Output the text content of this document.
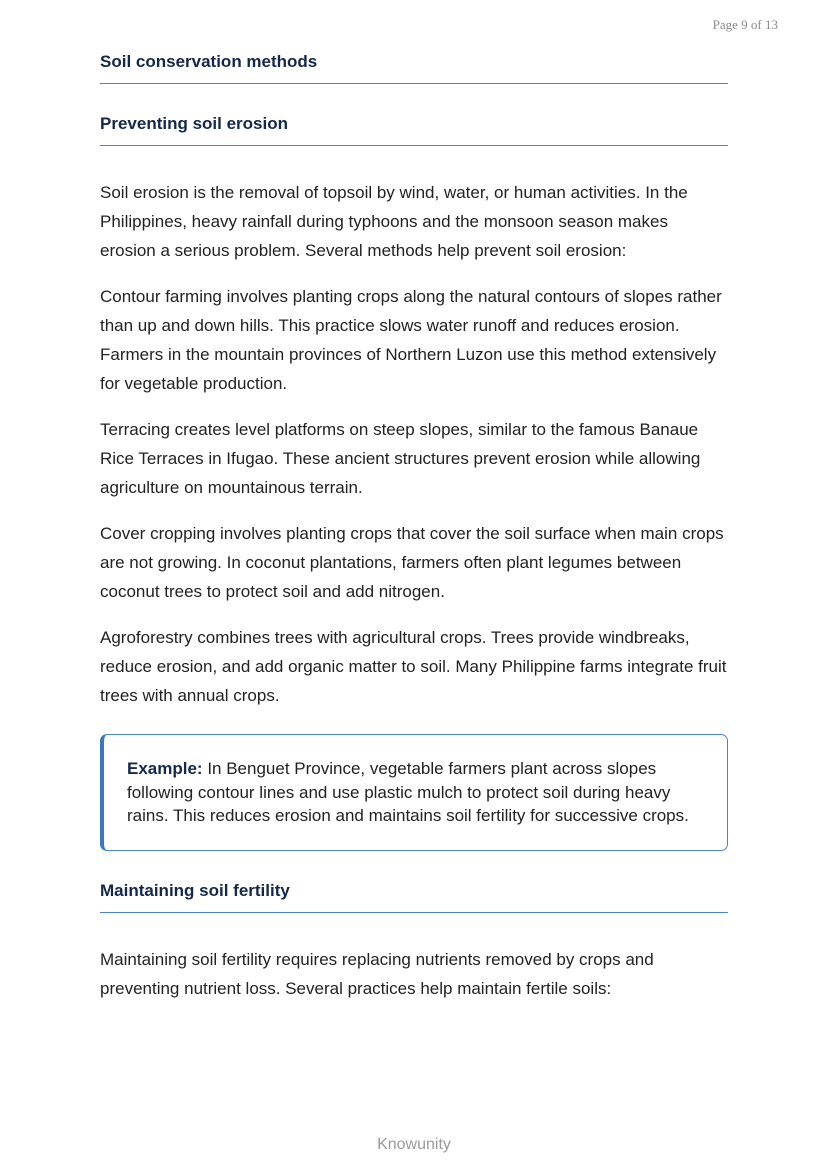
Page 9 of 13
Soil conservation methods
Preventing soil erosion

Soil erosion is the removal of topsoil by wind, water, or human activities. In the Philippines, heavy rainfall during typhoons and the monsoon season makes erosion a serious problem. Several methods help prevent soil erosion:

Contour farming involves planting crops along the natural contours of slopes rather than up and down hills. This practice slows water runoff and reduces erosion. Farmers in the mountain provinces of Northern Luzon use this method extensively for vegetable production.

Terracing creates level platforms on steep slopes, similar to the famous Banaue Rice Terraces in Ifugao. These ancient structures prevent erosion while allowing agriculture on mountainous terrain.

Cover cropping involves planting crops that cover the soil surface when main crops are not growing. In coconut plantations, farmers often plant legumes between coconut trees to protect soil and add nitrogen.

Agroforestry combines trees with agricultural crops. Trees provide windbreaks, reduce erosion, and add organic matter to soil. Many Philippine farms integrate fruit trees with annual crops.

Example: In Benguet Province, vegetable farmers plant across slopes following contour lines and use plastic mulch to protect soil during heavy rains. This reduces erosion and maintains soil fertility for successive crops.
Maintaining soil fertility

Maintaining soil fertility requires replacing nutrients removed by crops and preventing nutrient loss. Several practices help maintain fertile soils:

Knowunity
